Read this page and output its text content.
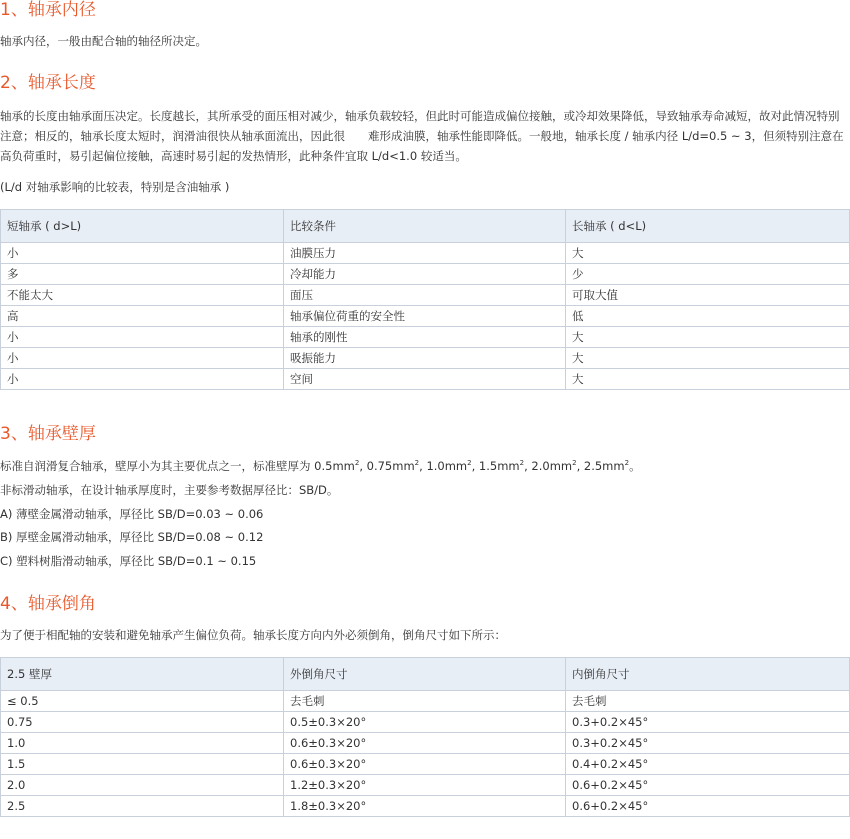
1、轴承内径

轴承内径，一般由配合轴的轴径所决定。

2、轴承长度

轴承的长度由轴承面压决定。长度越长，其所承受的面压相对减少，轴承负载较轻，但此时可能造成偏位接触，或冷却效果降低，导致轴承寿命减短，故对此情况特别注意；相反的，轴承长度太短时，润滑油很快从轴承面流出，因此很　　难形成油膜，轴承性能即降低。一般地，轴承长度 / 轴承内径 L/d=0.5 ~ 3，但须特别注意在高负荷重时，易引起偏位接触，高速时易引起的发热情形，此种条件宜取 L/d<1.0 较适当。

(L/d 对轴承影响的比较表，特别是含油轴承 )

短轴承 ( d>L)	比较条件	长轴承 ( d<L)
小	油膜压力	大
多	冷却能力	少
不能太大	面压	可取大值
高	轴承偏位荷重的安全性	低
小	轴承的刚性	大
小	吸振能力	大
小	空间	大
3、轴承壁厚

标准自润滑复合轴承，壁厚小为其主要优点之一，标准壁厚为 $0.5mm^2$, $0.75mm^2$, $1.0mm^2$, $1.5mm^2$, $2.0mm^2$, $2.5mm^2$。

非标滑动轴承，在设计轴承厚度时，主要参考数据厚径比：SB/D。

A) 薄壁金属滑动轴承，厚径比 SB/D=0.03 ~ 0.06

B) 厚壁金属滑动轴承，厚径比 SB/D=0.08 ~ 0.12

C) 塑料树脂滑动轴承，厚径比 SB/D=0.1 ~ 0.15

4、轴承倒角

为了便于相配轴的安装和避免轴承产生偏位负荷。轴承长度方向内外必须倒角，倒角尺寸如下所示：

2.5 壁厚	外倒角尺寸	内倒角尺寸
≤ 0.5	去毛刺	去毛刺
0.75	0.5±0.3×20°	0.3+0.2×45°
1.0	0.6±0.3×20°	0.3+0.2×45°
1.5	0.6±0.3×20°	0.4+0.2×45°
2.0	1.2±0.3×20°	0.6+0.2×45°
2.5	1.8±0.3×20°	0.6+0.2×45°
